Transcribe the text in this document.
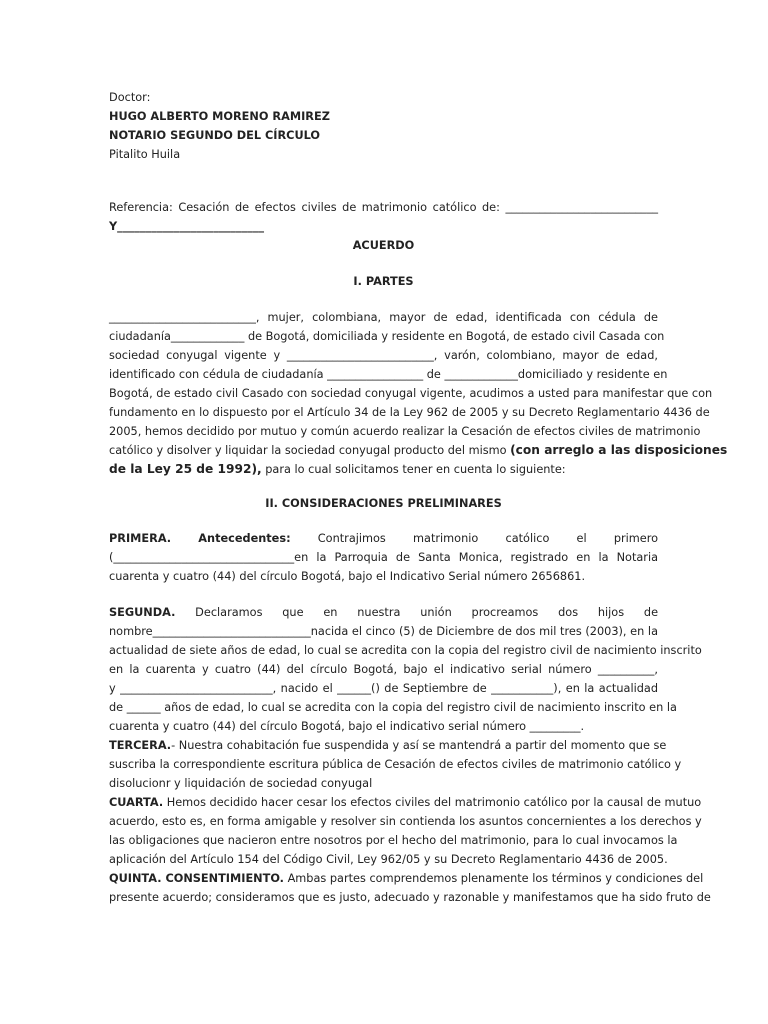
Doctor:
HUGO ALBERTO MORENO RAMIREZ
NOTARIO SEGUNDO DEL CÍRCULO
Pitalito Huila
Referencia: Cesación de efectos civiles de matrimonio católico de: ___________________________
Y__________________________
ACUERDO
I. PARTES
__________________________, mujer, colombiana, mayor de edad, identificada con cédula de
ciudadanía_____________ de Bogotá, domiciliada y residente en Bogotá, de estado civil Casada con
sociedad conyugal vigente y __________________________, varón, colombiano, mayor de edad,
identificado con cédula de ciudadanía _________________ de _____________domiciliado y residente en
Bogotá, de estado civil Casado con sociedad conyugal vigente, acudimos a usted para manifestar que con
fundamento en lo dispuesto por el Artículo 34 de la Ley 962 de 2005 y su Decreto Reglamentario 4436 de
2005, hemos decidido por mutuo y común acuerdo realizar la Cesación de efectos civiles de matrimonio
católico y disolver y liquidar la sociedad conyugal producto del mismo (con arreglo a las disposiciones
de la Ley 25 de 1992), para lo cual solicitamos tener en cuenta lo siguiente:
II. CONSIDERACIONES PRELIMINARES
PRIMERA. Antecedentes: Contrajimos matrimonio católico el primero
(________________________________en la Parroquia de Santa Monica, registrado en la Notaria
cuarenta y cuatro (44) del círculo Bogotá, bajo el Indicativo Serial número 2656861.
SEGUNDA. Declaramos que en nuestra unión procreamos dos hijos de
nombre____________________________nacida el cinco (5) de Diciembre de dos mil tres (2003), en la
actualidad de siete años de edad, lo cual se acredita con la copia del registro civil de nacimiento inscrito
en la cuarenta y cuatro (44) del círculo Bogotá, bajo el indicativo serial número __________,
y ___________________________, nacido el ______() de Septiembre de ___________), en la actualidad
de ______ años de edad, lo cual se acredita con la copia del registro civil de nacimiento inscrito en la
cuarenta y cuatro (44) del círculo Bogotá, bajo el indicativo serial número _________.
TERCERA.- Nuestra cohabitación fue suspendida y así se mantendrá a partir del momento que se
suscriba la correspondiente escritura pública de Cesación de efectos civiles de matrimonio católico y
disolucionr y liquidación de sociedad conyugal
CUARTA. Hemos decidido hacer cesar los efectos civiles del matrimonio católico por la causal de mutuo
acuerdo, esto es, en forma amigable y resolver sin contienda los asuntos concernientes a los derechos y
las obligaciones que nacieron entre nosotros por el hecho del matrimonio, para lo cual invocamos la
aplicación del Artículo 154 del Código Civil, Ley 962/05 y su Decreto Reglamentario 4436 de 2005.
QUINTA. CONSENTIMIENTO. Ambas partes comprendemos plenamente los términos y condiciones del
presente acuerdo; consideramos que es justo, adecuado y razonable y manifestamos que ha sido fruto de
